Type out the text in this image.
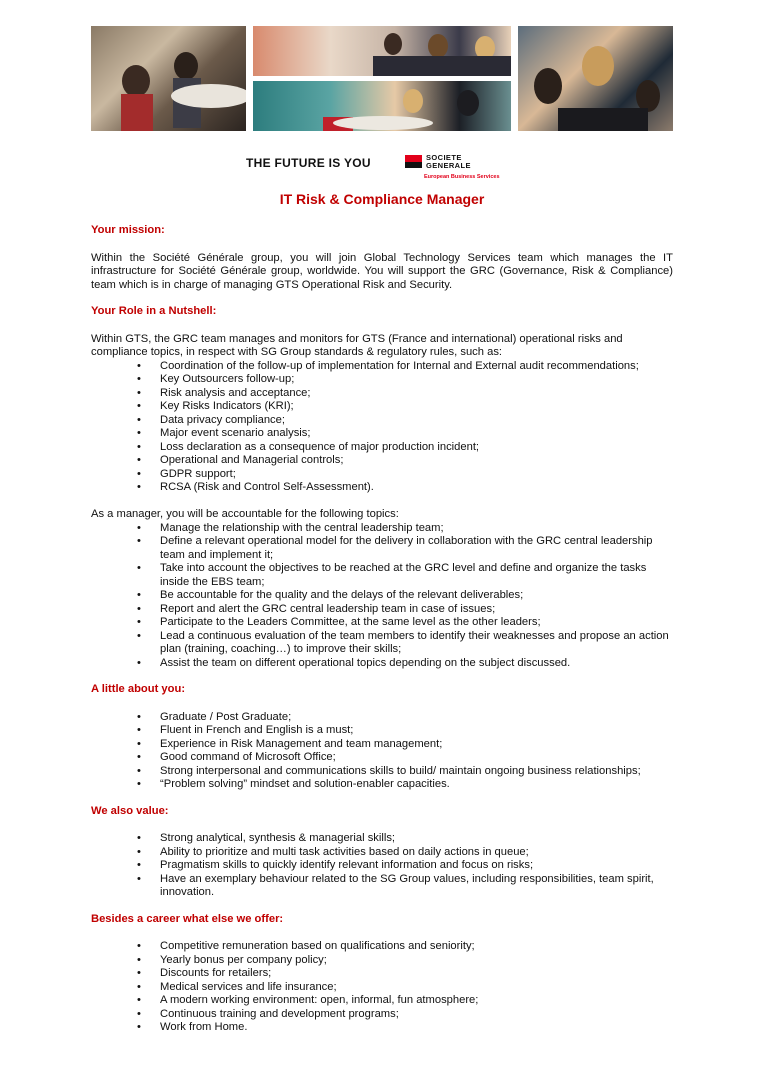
THE FUTURE IS YOU	SOCIETE
GENERALE
European Business Services
IT Risk & Compliance Manager
Your mission:

Within the Société Générale group, you will join Global Technology Services team which manages the IT infrastructure for Société Générale group, worldwide. You will support the GRC (Governance, Risk & Compliance) team which is in charge of managing GTS Operational Risk and Security.

Your Role in a Nutshell:

Within GTS, the GRC team manages and monitors for GTS (France and international) operational risks and compliance topics, in respect with SG Group standards & regulatory rules, such as:

• Coordination of the follow-up of implementation for Internal and External audit recommendations;
• Key Outsourcers follow-up;
• Risk analysis and acceptance;
• Key Risks Indicators (KRI);
• Data privacy compliance;
• Major event scenario analysis;
• Loss declaration as a consequence of major production incident;
• Operational and Managerial controls;
• GDPR support;
• RCSA (Risk and Control Self-Assessment).

As a manager, you will be accountable for the following topics:

• Manage the relationship with the central leadership team;
• Define a relevant operational model for the delivery in collaboration with the GRC central leadership team and implement it;
• Take into account the objectives to be reached at the GRC level and define and organize the tasks inside the EBS team;
• Be accountable for the quality and the delays of the relevant deliverables;
• Report and alert the GRC central leadership team in case of issues;
• Participate to the Leaders Committee, at the same level as the other leaders;
• Lead a continuous evaluation of the team members to identify their weaknesses and propose an action plan (training, coaching…) to improve their skills;
• Assist the team on different operational topics depending on the subject discussed.
A little about you:
• Graduate / Post Graduate;
• Fluent in French and English is a must;
• Experience in Risk Management and team management;
• Good command of Microsoft Office;
• Strong interpersonal and communications skills to build/ maintain ongoing business relationships;
• “Problem solving” mindset and solution-enabler capacities.
We also value:
• Strong analytical, synthesis & managerial skills;
• Ability to prioritize and multi task activities based on daily actions in queue;
• Pragmatism skills to quickly identify relevant information and focus on risks;
• Have an exemplary behaviour related to the SG Group values, including responsibilities, team spirit, innovation.
Besides a career what else we offer:
• Competitive remuneration based on qualifications and seniority;
• Yearly bonus per company policy;
• Discounts for retailers;
• Medical services and life insurance;
• A modern working environment: open, informal, fun atmosphere;
• Continuous training and development programs;
• Work from Home.
